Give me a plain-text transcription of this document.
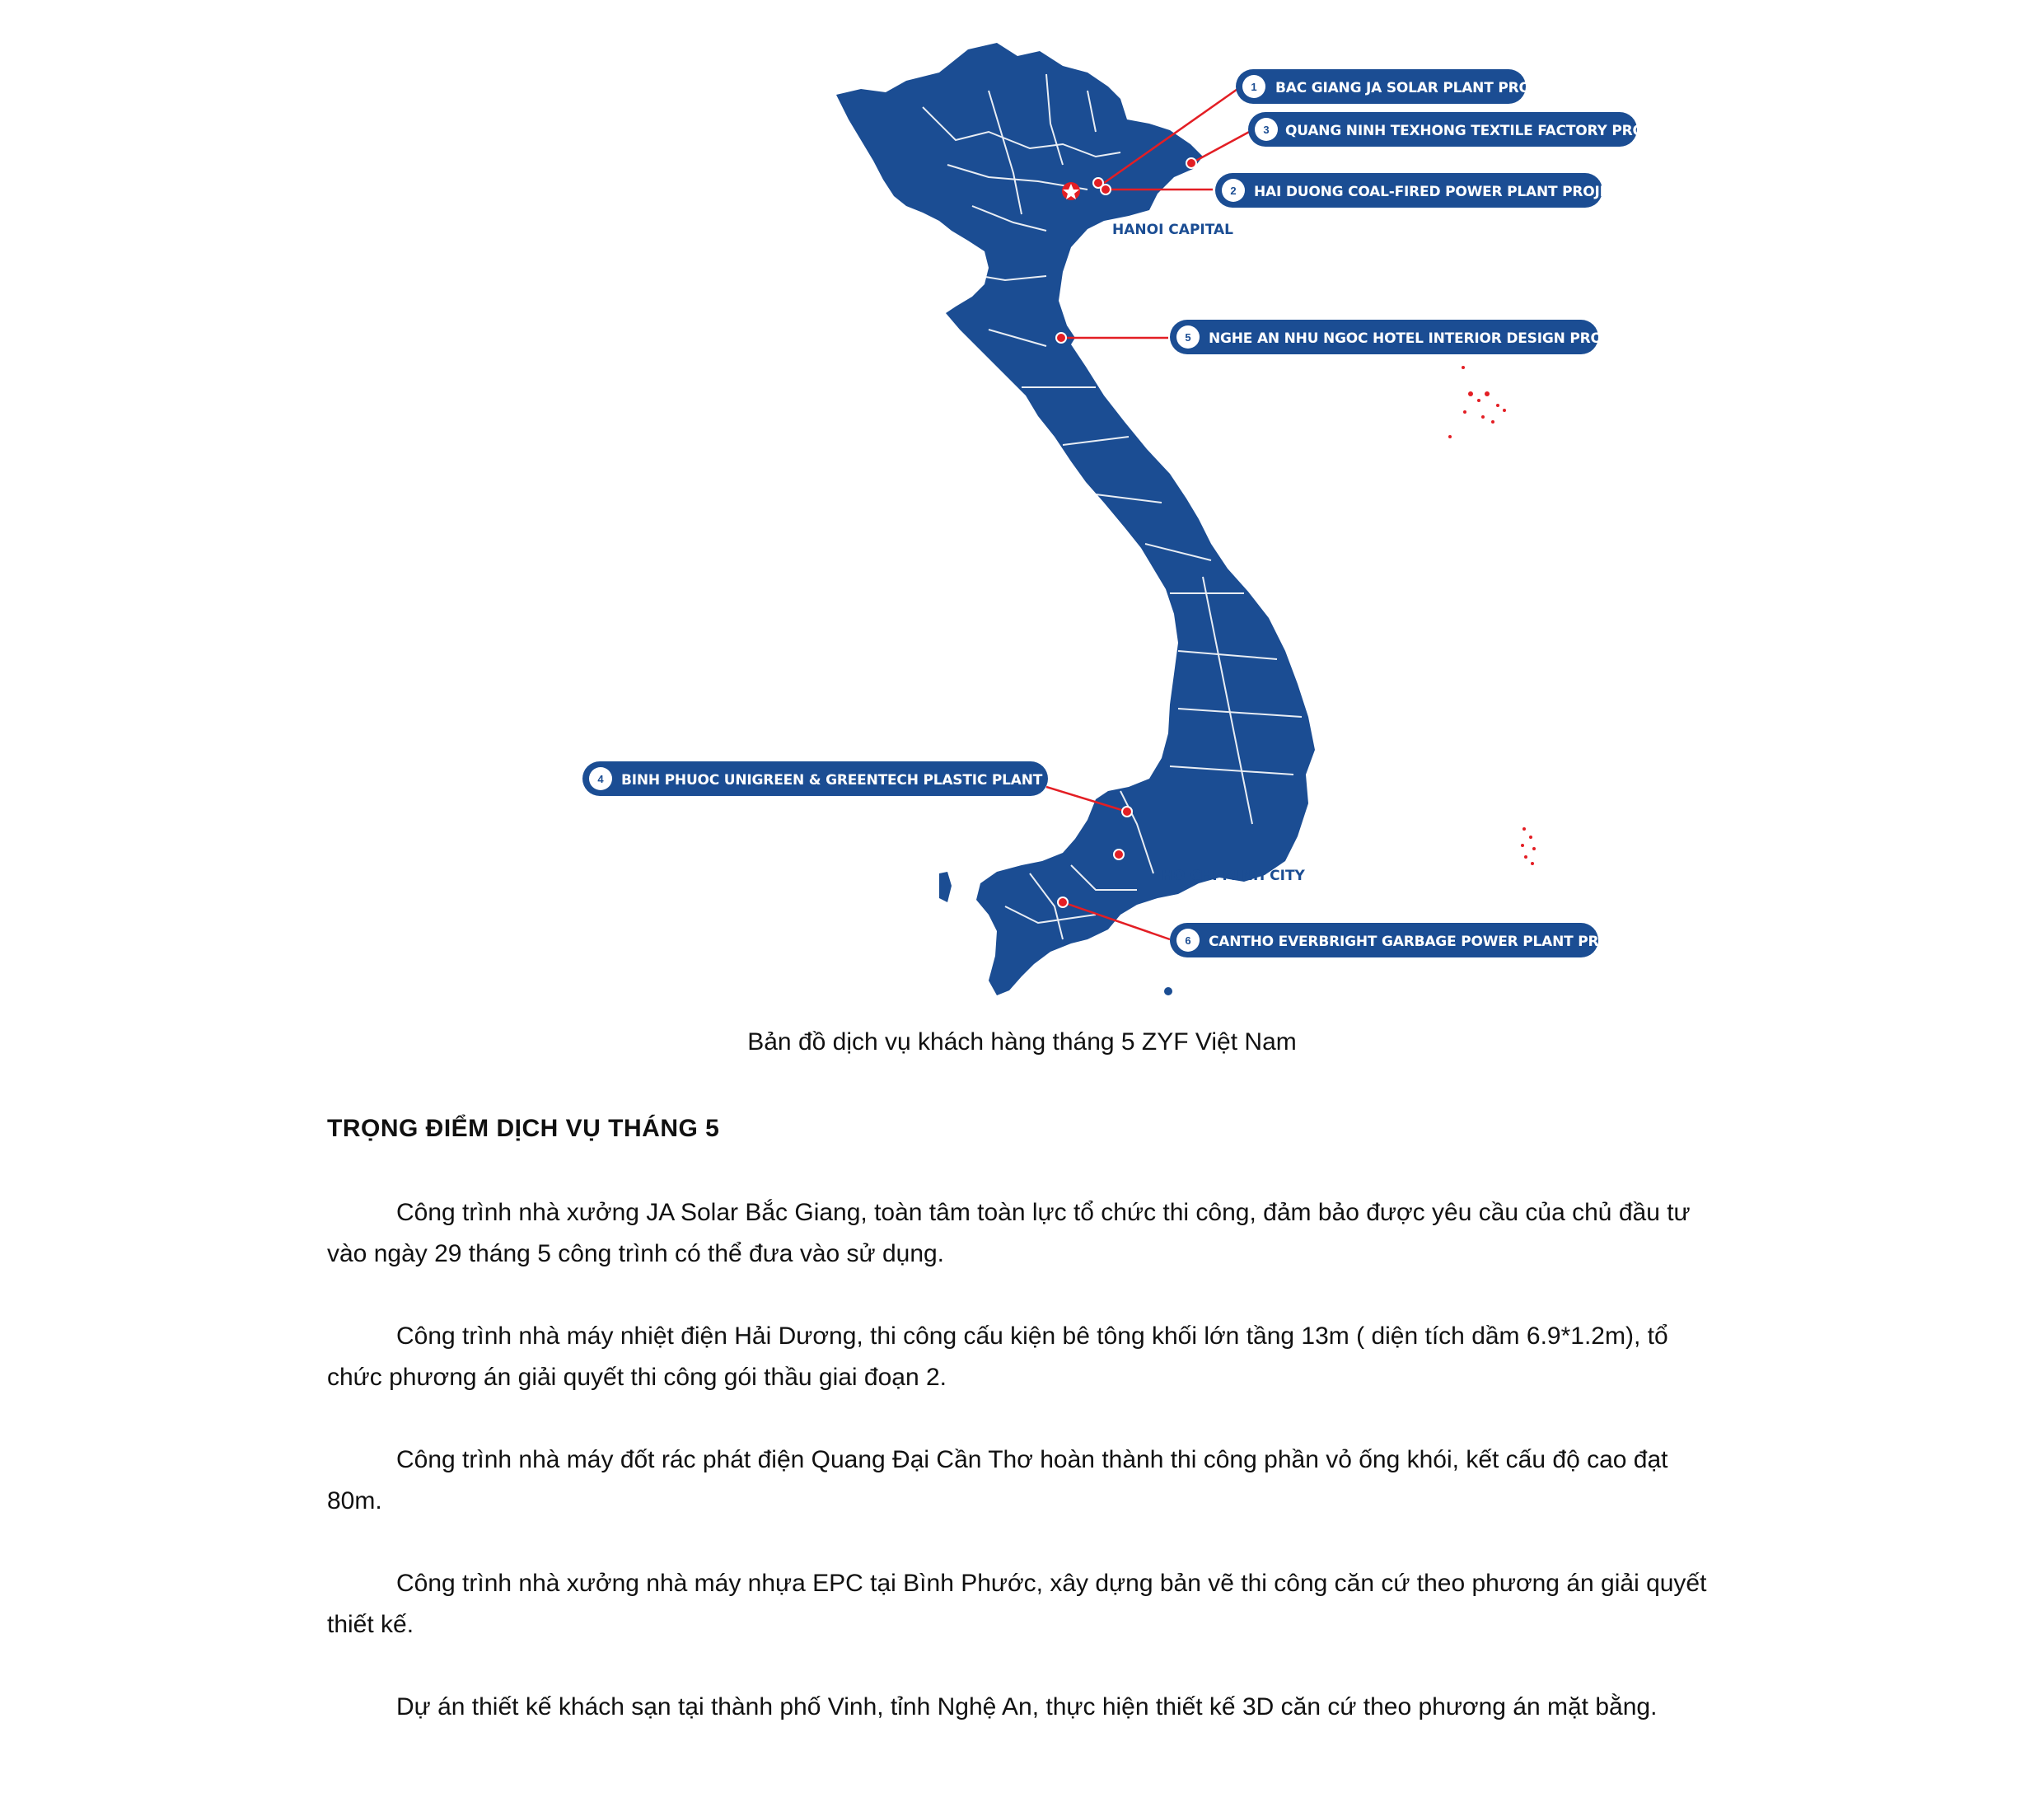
HANOI CAPITAL
HO CHI MINH CITY
1 BAC GIANG JA SOLAR PLANT PROJECT
3 QUANG NINH TEXHONG TEXTILE FACTORY PROJECT
2 HAI DUONG COAL-FIRED POWER PLANT PROJECT
5 NGHE AN NHU NGOC HOTEL INTERIOR DESIGN PROJECT
4 BINH PHUOC UNIGREEN & GREENTECH PLASTIC PLANT PROJECT
6 CANTHO EVERBRIGHT GARBAGE POWER PLANT PROJECT
Bản đồ dịch vụ khách hàng tháng 5 ZYF Việt Nam
TRỌNG ĐIỂM DỊCH VỤ THÁNG 5

Công trình nhà xưởng JA Solar Bắc Giang, toàn tâm toàn lực tổ chức thi công, đảm bảo được yêu cầu của chủ đầu tư vào ngày 29 tháng 5 công trình có thể đưa vào sử dụng.

Công trình nhà máy nhiệt điện Hải Dương, thi công cấu kiện bê tông khối lớn tầng 13m ( diện tích dầm 6.9*1.2m), tổ chức phương án giải quyết thi công gói thầu giai đoạn 2.

Công trình nhà máy đốt rác phát điện Quang Đại Cần Thơ hoàn thành thi công phần vỏ ống khói, kết cấu độ cao đạt 80m.

Công trình nhà xưởng nhà máy nhựa EPC tại Bình Phước, xây dựng bản vẽ thi công căn cứ theo phương án giải quyết thiết kế.

Dự án thiết kế khách sạn tại thành phố Vinh, tỉnh Nghệ An, thực hiện thiết kế 3D căn cứ theo phương án mặt bằng.
